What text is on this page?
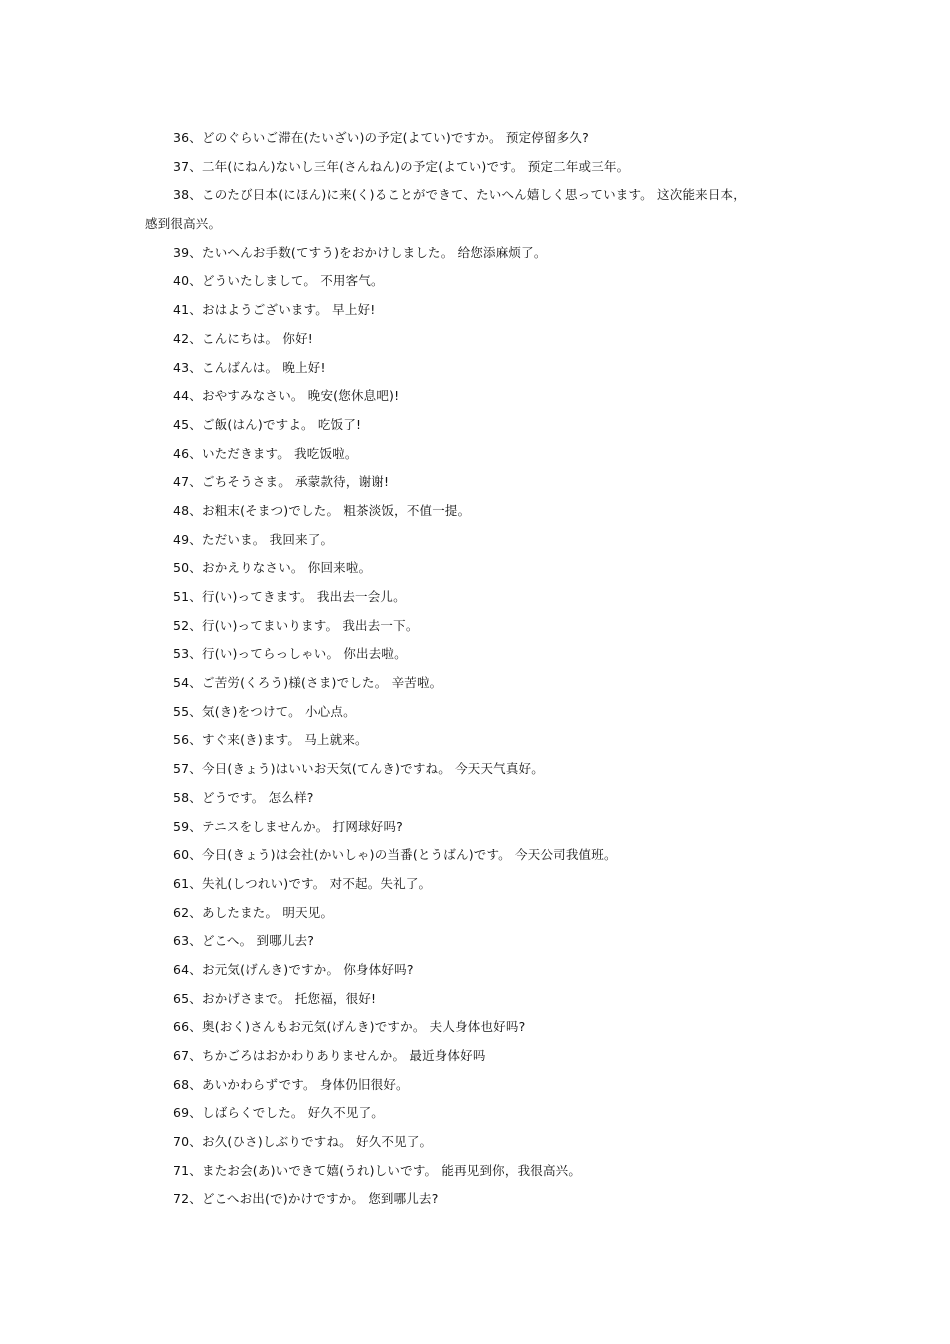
36、どのぐらいご滞在(たいざい)の予定(よてい)ですか。 预定停留多久?
37、二年(にねん)ないし三年(さんねん)の予定(よてい)です。 预定二年或三年。
38、このたび日本(にほん)に来(く)ることができて、たいへん嬉しく思っています。 这次能来日本，
感到很高兴。
39、たいへんお手数(てすう)をおかけしました。 给您添麻烦了。
40、どういたしまして。 不用客气。
41、おはようございます。 早上好!
42、こんにちは。 你好!
43、こんばんは。 晚上好!
44、おやすみなさい。 晚安(您休息吧)!
45、ご飯(はん)ですよ。 吃饭了!
46、いただきます。 我吃饭啦。
47、ごちそうさま。 承蒙款待，谢谢!
48、お粗末(そまつ)でした。 粗茶淡饭，不值一提。
49、ただいま。 我回来了。
50、おかえりなさい。 你回来啦。
51、行(い)ってきます。 我出去一会儿。
52、行(い)ってまいります。 我出去一下。
53、行(い)ってらっしゃい。 你出去啦。
54、ご苦労(くろう)様(さま)でした。 辛苦啦。
55、気(き)をつけて。 小心点。
56、すぐ来(き)ます。 马上就来。
57、今日(きょう)はいいお天気(てんき)ですね。 今天天气真好。
58、どうです。 怎么样?
59、テニスをしませんか。 打网球好吗?
60、今日(きょう)は会社(かいしゃ)の当番(とうばん)です。 今天公司我值班。
61、失礼(しつれい)です。 对不起。失礼了。
62、あしたまた。 明天见。
63、どこへ。 到哪儿去?
64、お元気(げんき)ですか。 你身体好吗?
65、おかげさまで。 托您福，很好!
66、奥(おく)さんもお元気(げんき)ですか。 夫人身体也好吗?
67、ちかごろはおかわりありませんか。 最近身体好吗
68、あいかわらずです。 身体仍旧很好。
69、しばらくでした。 好久不见了。
70、お久(ひさ)しぶりですね。 好久不见了。
71、またお会(あ)いできて嬉(うれ)しいです。 能再见到你，我很高兴。
72、どこへお出(で)かけですか。 您到哪儿去?
